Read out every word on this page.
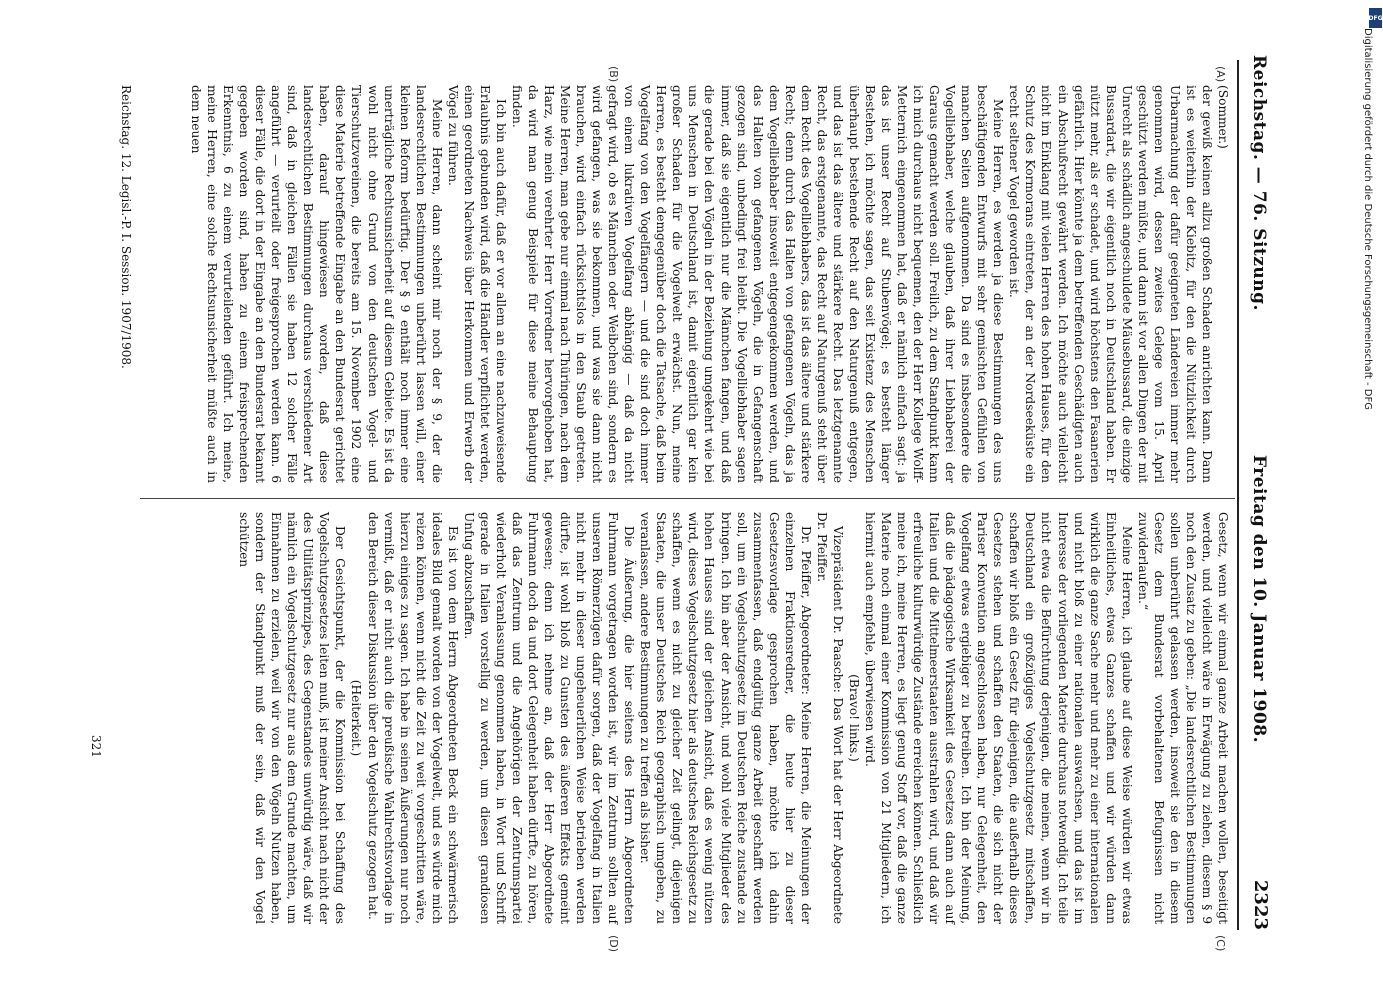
Reichstag. — 76. Sitzung.
Freitag den 10. Januar 1908.
2323
(A)
(B)
(C)
(D)

(Sommer.)

der gewiß keinen allzu großen Schaden anrichten kann. Dann ist es weiterhin der Kiebitz, für den die Nützlichkeit durch Urbarmachung der dafür geeigneten Ländereien immer mehr genommen wird, dessen zweites Gelege vom 15. April geschützt werden müßte, und dann ist vor allen Dingen der mit Unrecht als schädlich angeschuldete Mäusebussard, die einzige Bussardart, die wir eigentlich noch in Deutschland haben. Er nützt mehr, als er schadet, und wird höchstens den Fasanerien gefährlich. Hier könnte ja dem betreffenden Geschädigten auch ein Abschußrecht gewährt werden. Ich möchte auch vielleicht nicht im Einklang mit vielen Herren des hohen Hauses, für den Schutz des Kormorans eintreten, der an der Nordseeküste ein recht seltener Vogel geworden ist.

Meine Herren, es werden ja diese Bestimmungen des uns beschäftigenden Entwurfs mit sehr gemischten Gefühlen von manchen Seiten aufgenommen. Da sind es insbesondere die Vogelliebhaber, welche glauben, daß ihrer Liebhaberei der Garaus gemacht werden soll. Freilich, zu dem Standpunkt kann ich mich durchaus nicht bequemen, den der Herr Kollege Wolff-Metternich eingenommen hat, daß er nämlich einfach sagt: ja das ist unser Recht auf Stubenvögel; es besteht länger Bestehen, ich möchte sagen, das seit Existenz des Menschen überhaupt bestehende Recht auf den Naturgenuß entgegen, und das ist das ältere und stärkere Recht. Das letztgenannte Recht, das erstgenannte, das Recht auf Naturgenuß steht über dem Recht des Vogelliebhabers, das ist das ältere und stärkere Recht; denn durch das Halten von gefangenen Vögeln, das ja dem Vogelliebhaber insoweit entgegengekommen werden, und das Halten von gefangenen Vögeln, die in Gefangenschaft gezogen sind, unbedingt frei bleibt. Die Vogelliebhaber sagen immer, daß sie eigentlich nur die Männchen fangen, und daß die gerade bei den Vögeln in der Beziehung umgekehrt wie bei uns Menschen in Deutschland ist, damit eigentlich gar kein großer Schaden für die Vogelwelt erwächst. Nun, meine Herren, es besteht demgegenüber doch die Tatsache, daß beim Vogelfang von den Vogelfängern — und die sind doch immer von einem lukrativen Vogelfang abhängig — daß da nicht gefragt wird, ob es Männchen oder Weibchen sind, sondern es wird gefangen, was sie bekommen, und was sie dann nicht brauchen, wird einfach rücksichtslos in den Staub getreten. Meine Herren, man gebe nur einmal nach Thüringen, nach dem Harz, wie mein verehrter Herr Vorredner hervorgehoben hat, da wird man genug Beispiele für diese meine Behauptung finden.

Ich bin auch dafür, daß er vor allem an eine nachzuweisende Erlaubnis gebunden wird, daß die Händler verpflichtet werden, einen geordneten Nachweis über Herkommen und Erwerb der Vögel zu führen.

Meine Herren, dann scheint mir noch der § 9, der die landesrechtlichen Bestimmungen unberührt lassen will, einer kleinen Reform bedürftig. Der § 9 enthält noch immer eine unerträgliche Rechtsunsicherheit auf diesem Gebiete. Es ist da wohl nicht ohne Grund von den deutschen Vogel- und Tierschutzvereinen, die bereits am 15. November 1902 eine diese Materie betreffende Eingabe an den Bundesrat gerichtet haben, darauf hingewiesen worden, daß diese landesrechtlichen Bestimmungen durchaus verschiedener Art sind, daß in gleichen Fällen sie haben 12 solcher Fälle angeführt — verurteilt oder freigesprochen werden kann. 6 dieser Fälle, die dort in der Eingabe an den Bundesrat bekannt gegeben worden sind, haben zu einem freisprechenden Erkenntnis, 6 zu einem verurteilenden geführt. Ich meine, meine Herren, eine solche Rechtsunsicherheit müßte auch in dem neuen

Gesetz, wenn wir einmal ganze Arbeit machen wollen, beseitigt werden, und vielleicht wäre in Erwägung zu ziehen, diesem § 9 noch den Zusatz zu geben: „Die landesrechtlichen Bestimmungen sollen unberührt gelassen werden, insoweit sie den in diesem Gesetz dem Bundesrat vorbehaltenen Befugnissen nicht zuwiderlaufen.“

Meine Herren, ich glaube auf diese Weise würden wir etwas Einheitliches, etwas Ganzes schaffen und wir würden dann wirklich die ganze Sache mehr und mehr zu einer internationalen und nicht bloß zu einer nationalen auswachsen, und das ist im Interesse der vorliegenden Materie durchaus notwendig. Ich teile nicht etwa die Befürchtung derjenigen, die meinen, wenn wir in Deutschland ein großzügiges Vogelschutzgesetz mitschaffen, schaffen wir bloß ein Gesetz für diejenigen, die außerhalb dieses Gesetzes stehen und schaffen den Staaten, die sich nicht der Pariser Konvention angeschlossen haben, nur Gelegenheit, den Vogelfang etwas ergiebiger zu betreiben. Ich bin der Meinung, daß die pädagogische Wirksamkeit des Gesetzes dann auch auf Italien und die Mittelmeerstaaten ausstrahlen wird, und daß wir erfreuliche kulturwürdige Zustände erreichen können. Schließlich meine ich, meine Herren, es liegt genug Stoff vor, daß die ganze Materie noch einmal einer Kommission von 21 Mitgliedern, ich hiermit auch empfehle, überwiesen wird.

(Bravo! links.)

Vizepräsident Dr. Paasche: Das Wort hat der Herr Abgeordnete Dr. Pfeiffer.

Dr. Pfeiffer, Abgeordneter: Meine Herren, die Meinungen der einzelnen Fraktionsredner, die heute hier zu dieser Gesetzesvorlage gesprochen haben, möchte ich dahin zusammenfassen, daß endgültig ganze Arbeit geschafft werden soll, um ein Vogelschutzgesetz im Deutschen Reiche zustande zu bringen. Ich bin aber der Ansicht, und wohl viele Mitglieder des hohen Hauses sind der gleichen Ansicht, daß es wenig nützen wird, dieses Vogelschutzgesetz hier als deutsches Reichsgesetz zu schaffen, wenn es nicht zu gleicher Zeit gelingt, diejenigen Staaten, die unser Deutsches Reich geographisch umgeben, zu veranlassen, andere Bestimmungen zu treffen als bisher.

Die Äußerung, die hier seitens des Herrn Abgeordneten Fuhrmann vorgetragen worden ist, wir im Zentrum sollten auf unseren Römerzügen dafür sorgen, daß der Vogelfang in Italien nicht mehr in dieser ungeheuerlichen Weise betrieben werden dürfte, ist wohl bloß zu Gunsten des äußeren Effekts gemeint gewesen; denn ich nehme an, daß der Herr Abgeordnete Fuhrmann doch da und dort Gelegenheit haben dürfte, zu hören, daß das Zentrum und die Angehörigen der Zentrumspartei wiederholt Veranlassung genommen haben, in Wort und Schrift gerade in Italien vorstellig zu werden, um diesen grandiosen Unfug abzuschaffen.

Es ist von dem Herrn Abgeordneten Beck ein schwärmerisch ideales Bild gemalt worden von der Vogelwelt, und es würde mich reizen können, wenn nicht die Zeit zu weit vorgeschritten wäre, hierzu einiges zu sagen. Ich habe in seinen Äußerungen nur noch vermißt, daß er nicht auch die preußische Wahlrechtsvorlage in den Bereich dieser Diskussion über den Vogelschutz gezogen hat.

(Heiterkeit.)

Der Gesichtspunkt, der die Kommission bei Schaffung des Vogelschutzgesetzes leiten muß, ist meiner Ansicht nach nicht der des Utilitätsprinzipes, des Gegenstandes unwürdig wäre, daß wir nämlich ein Vogelschutzgesetz nur aus dem Grunde machten, um Einnahmen zu erzielen, weil wir von den Vögeln Nutzen haben, sondern der Standpunkt muß der sein, daß wir den Vogel schützen

Reichstag. 12. Legisl.-P. I. Session. 1907/1908.
321
DFG
Digitalisierung gefördert durch die Deutsche Forschungsgemeinschaft - DFG
